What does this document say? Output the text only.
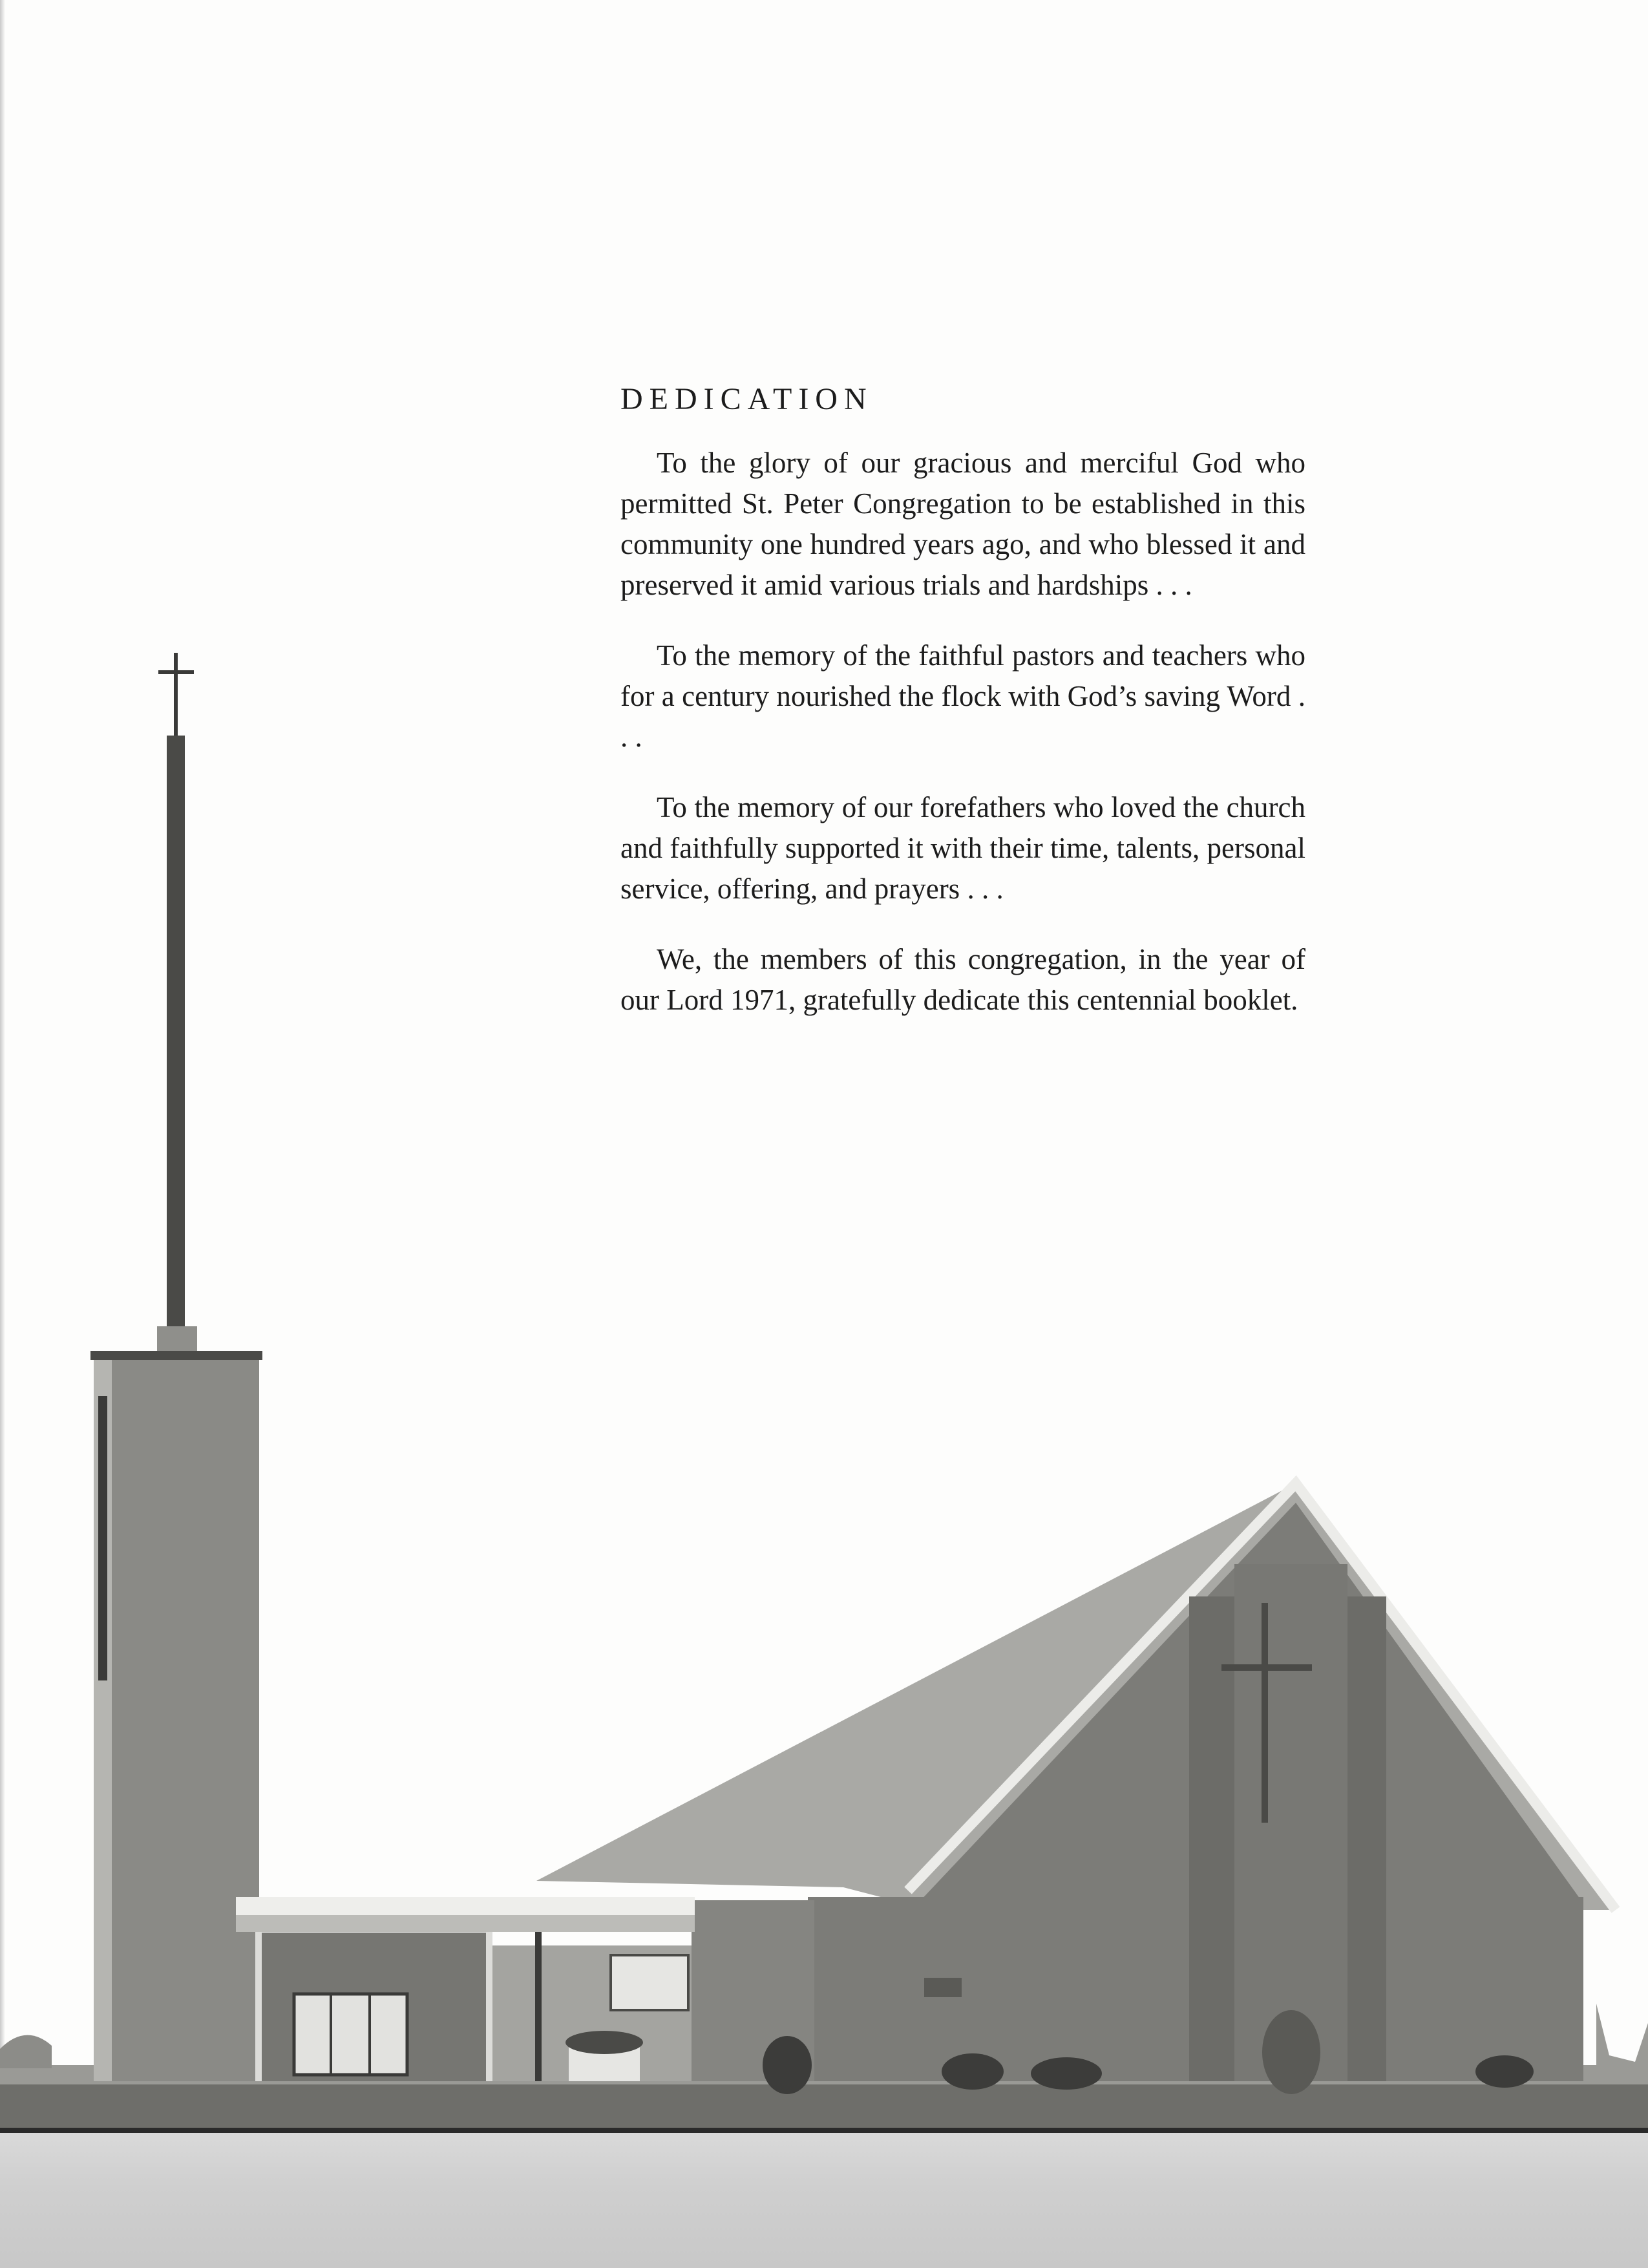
DEDICATION

To the glory of our gracious and merciful God who permitted St. Peter Congregation to be established in this community one hundred years ago, and who blessed it and preserved it amid various trials and hardships . . .

To the memory of the faithful pastors and teachers who for a century nourished the flock with God’s saving Word . . .

To the memory of our forefathers who loved the church and faithfully supported it with their time, talents, personal service, offering, and prayers . . .

We, the members of this congregation, in the year of our Lord 1971, gratefully dedicate this centennial booklet.
